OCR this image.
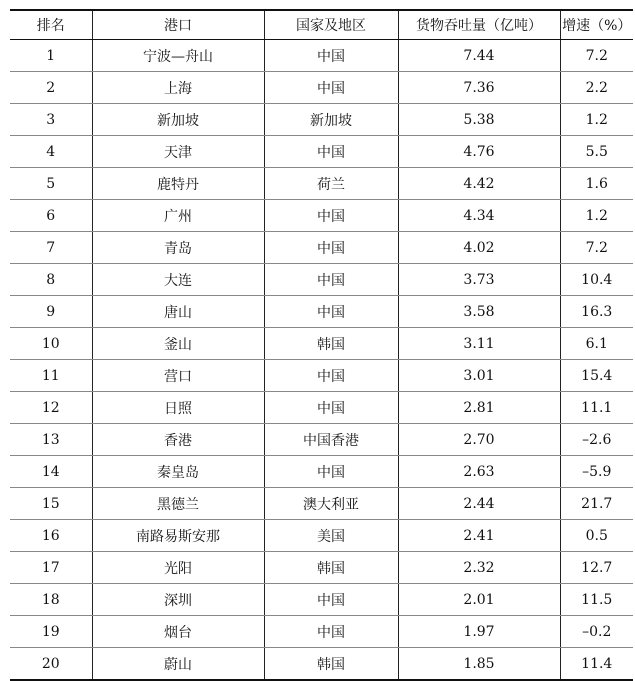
排名	港口	国家及地区	货物吞吐量（亿吨）	增速（%）
1	宁波—舟山	中国	7.44	7.2
2	上海	中国	7.36	2.2
3	新加坡	新加坡	5.38	1.2
4	天津	中国	4.76	5.5
5	鹿特丹	荷兰	4.42	1.6
6	广州	中国	4.34	1.2
7	青岛	中国	4.02	7.2
8	大连	中国	3.73	10.4
9	唐山	中国	3.58	16.3
10	釜山	韩国	3.11	6.1
11	营口	中国	3.01	15.4
12	日照	中国	2.81	11.1
13	香港	中国香港	2.70	–2.6
14	秦皇岛	中国	2.63	–5.9
15	黑德兰	澳大利亚	2.44	21.7
16	南路易斯安那	美国	2.41	0.5
17	光阳	韩国	2.32	12.7
18	深圳	中国	2.01	11.5
19	烟台	中国	1.97	–0.2
20	蔚山	韩国	1.85	11.4
